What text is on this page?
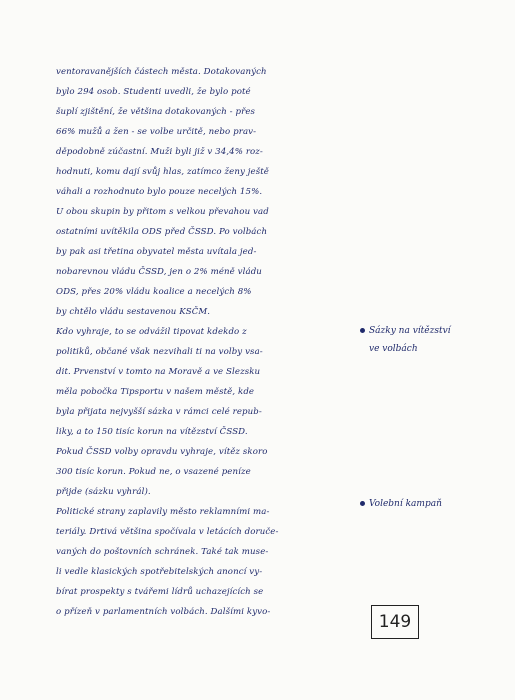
ventoravanějších částech města. Dotakovaných
bylo 294 osob. Studenti uvedli, že bylo poté
šuplí zjištění, že většina dotakovaných - přes
66% mužů a žen - se volbe určitě, nebo prav-
děpodobně zúčastní. Muži byli již v 34,4% roz-
hodnuti, komu dají svůj hlas, zatímco ženy ještě
váhali a rozhodnuto bylo pouze necelých 15%.
U obou skupin by přitom s velkou převahou vad
ostatními uvítěkila ODS před ČSSD. Po volbách
by pak asi třetina obyvatel města uvítala jed-
nobarevnou vládu ČSSD, jen o 2% méně vládu
ODS, přes 20% vládu koalice a necelých 8%
by chtělo vládu sestavenou KSČM.
Kdo vyhraje, to se odvážil tipovat kdekdo z
politiků, občané však nezvihali ti na volby vsa-
dit. Prvenství v tomto na Moravě a ve Slezsku
měla pobočka Tipsportu v našem městě, kde
byla přijata nejvyšší sázka v rámci celé repub-
liky, a to 150 tisíc korun na vítězství ČSSD.
Pokud ČSSD volby opravdu vyhraje, vítěz skoro
300 tisíc korun. Pokud ne, o vsazené peníze
přijde (sázku vyhrál).
Politické strany zaplavily město reklamními ma-
teriály. Drtivá většina spočívala v letácích doruče-
vaných do poštovních schránek. Také tak muse-
li vedle klasických spotřebitelských anoncí vy-
bírat prospekty s tvářemi lídrů uchazejících se
o přízeň v parlamentních volbách. Dalšími kyvo-
Sázky na vítězství
ve volbách
Volební kampaň
149
